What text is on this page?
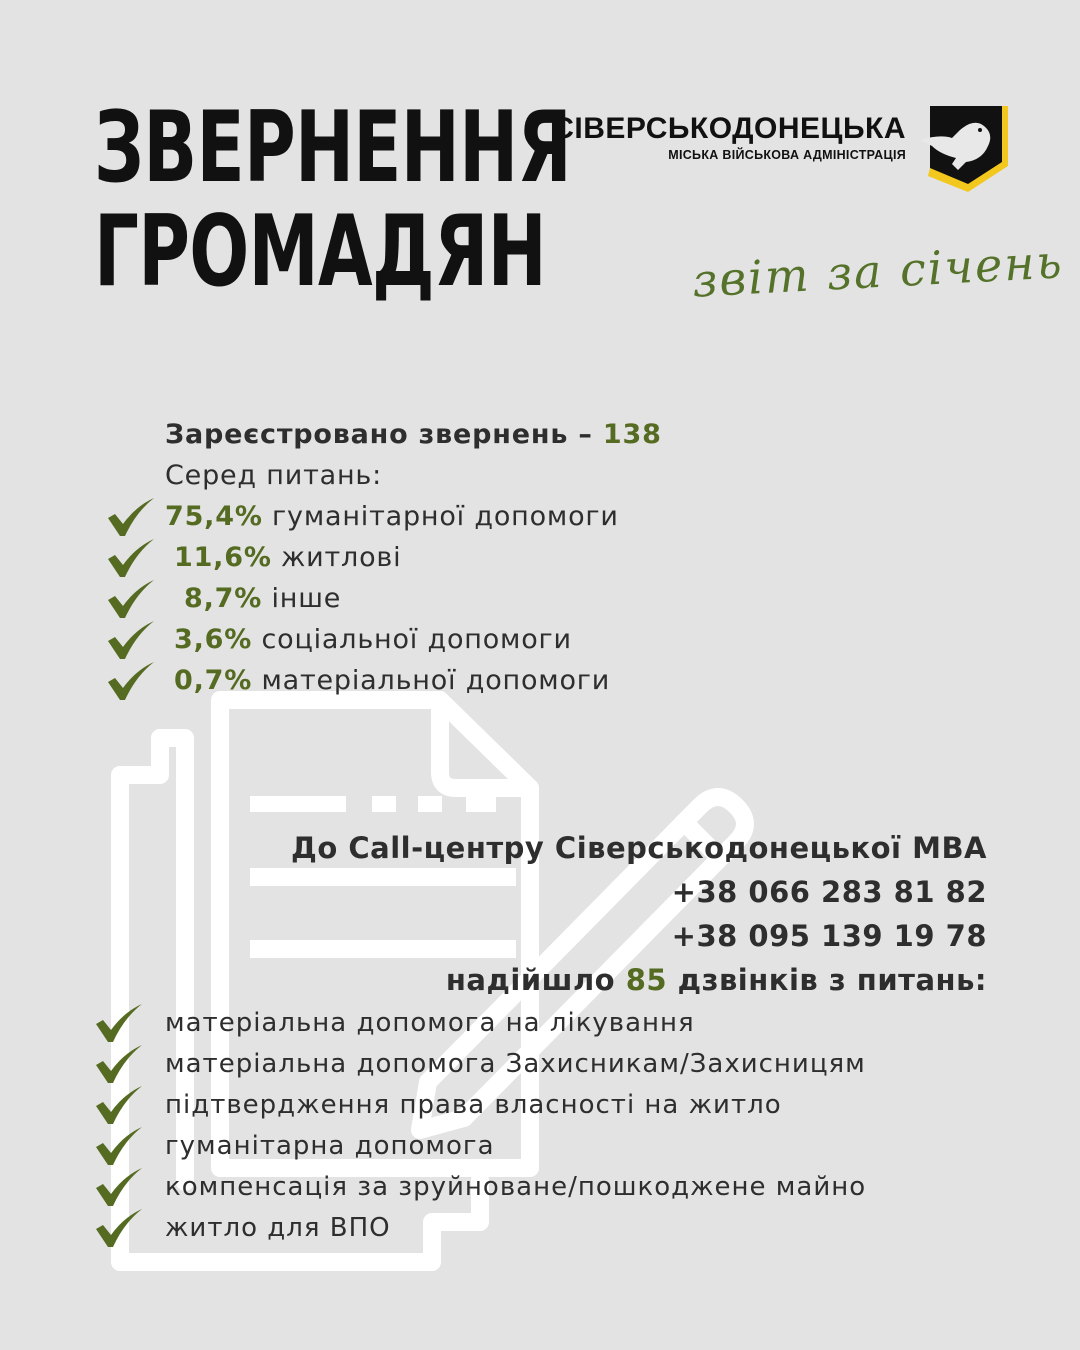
ЗВЕРНЕННЯ
ГРОМАДЯН
СІВЕРСЬКОДОНЕЦЬКА
МІСЬКА ВІЙСЬКОВА АДМІНІСТРАЦІЯ
звіт за січень
Зареєстровано звернень – 138
Серед питань:
75,4% гуманітарної допомоги
11,6% житлові
8,7% інше
3,6% соціальної допомоги
0,7% матеріальної допомоги
До Call-центру Сіверськодонецької МВА
+38 066 283 81 82
+38 095 139 19 78
надійшло 85 дзвінків з питань:
матеріальна допомога на лікування
матеріальна допомога Захисникам/Захисницям
підтвердження права власності на житло
гуманітарна допомога
компенсація за зруйноване/пошкоджене майно
житло для ВПО
